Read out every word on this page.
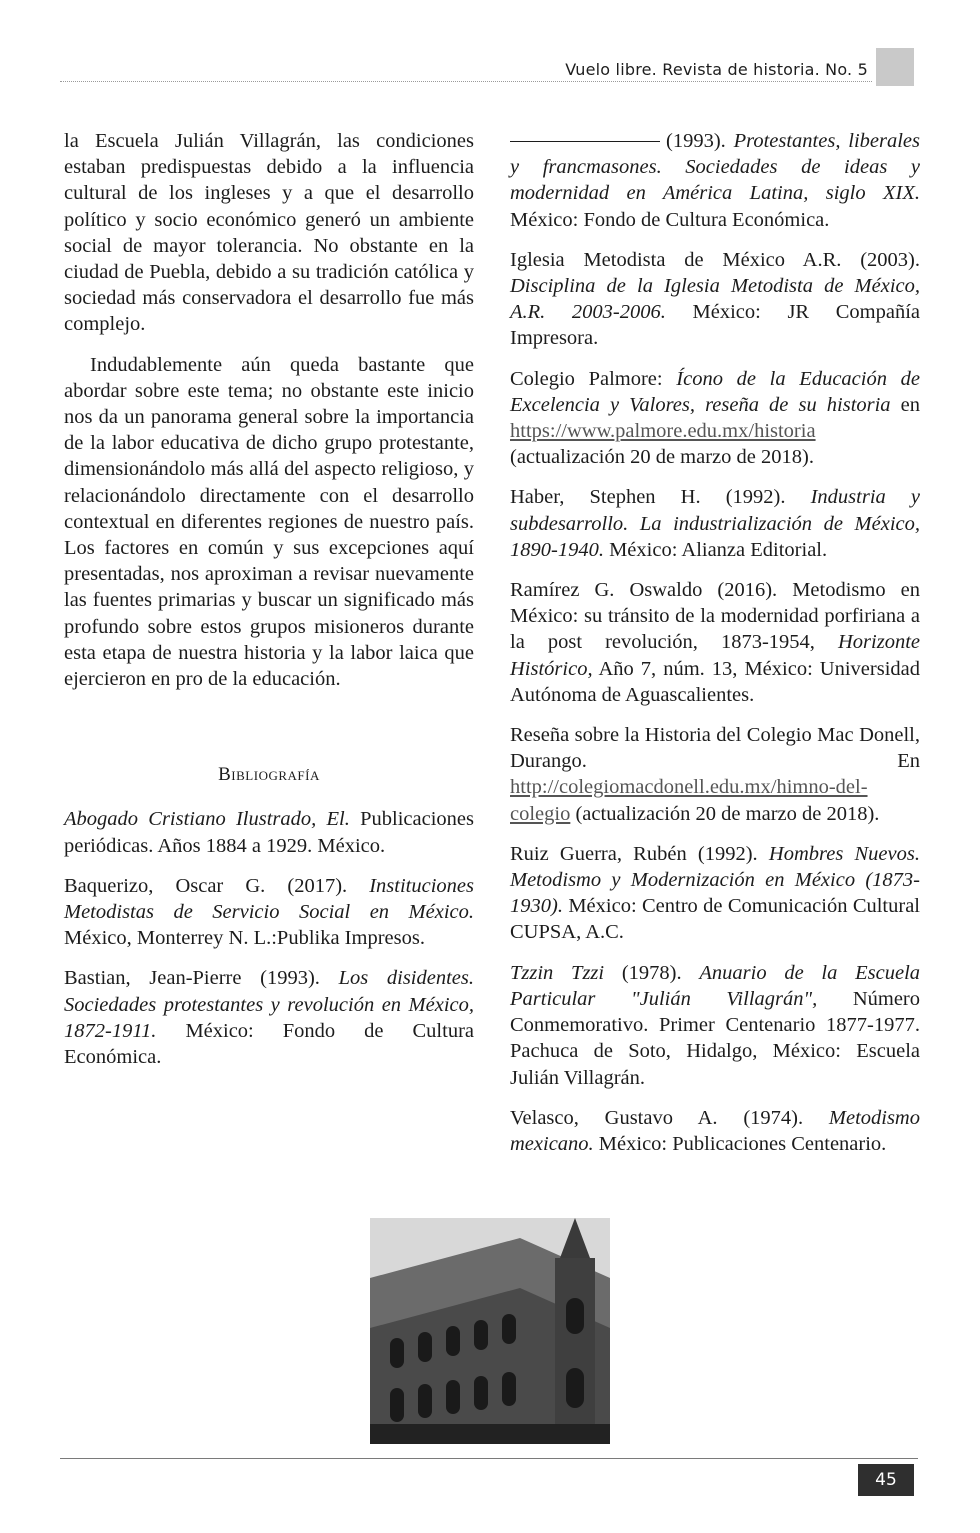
Vuelo libre. Revista de historia. No. 5

la Escuela Julián Villagrán, las condiciones estaban predispuestas debido a la influencia cultural de los ingleses y a que el desarrollo político y socio económico generó un ambiente social de mayor tolerancia. No obstante en la ciudad de Puebla, debido a su tradición católica y sociedad más conservadora el desarrollo fue más complejo.

Indudablemente aún queda bastante que abordar sobre este tema; no obstante este inicio nos da un panorama general sobre la importancia de la labor educativa de dicho grupo protestante, dimensionándolo más allá del aspecto religioso, y relacionándolo directamente con el desarrollo contextual en diferentes regiones de nuestro país. Los factores en común y sus excepciones aquí presentadas, nos aproximan a revisar nuevamente las fuentes primarias y buscar un significado más profundo sobre estos grupos misioneros durante esta etapa de nuestra historia y la labor laica que ejercieron en pro de la educación.

Bibliografía

Abogado Cristiano Ilustrado, El. Publicaciones periódicas. Años 1884 a 1929. México.

Baquerizo, Oscar G. (2017). Instituciones Metodistas de Servicio Social en México. México, Monterrey N. L.:Publika Impresos.

Bastian, Jean-Pierre (1993). Los disidentes. Sociedades protestantes y revolución en México, 1872-1911. México: Fondo de Cultura Económica.

(1993). Protestantes, liberales y francmasones. Sociedades de ideas y modernidad en América Latina, siglo XIX. México: Fondo de Cultura Económica.

Iglesia Metodista de México A.R. (2003). Disciplina de la Iglesia Metodista de México, A.R. 2003-2006. México: JR Compañía Impresora.

Colegio Palmore: Ícono de la Educación de Excelencia y Valores, reseña de su historia en https://www.palmore.edu.mx/historia (actualización 20 de marzo de 2018).

Haber, Stephen H. (1992). Industria y subdesarrollo. La industrialización de México, 1890-1940. México: Alianza Editorial.

Ramírez G. Oswaldo (2016). Metodismo en México: su tránsito de la modernidad porfiriana a la post revolución, 1873-1954, Horizonte Histórico, Año 7, núm. 13, México: Universidad Autónoma de Aguascalientes.

Reseña sobre la Historia del Colegio Mac Donell, Durango. En http://colegiomacdonell.edu.mx/himno-del-colegio (actualización 20 de marzo de 2018).

Ruiz Guerra, Rubén (1992). Hombres Nuevos. Metodismo y Modernización en México (1873-1930). México: Centro de Comunicación Cultural CUPSA, A.C.

Tzzin Tzzi (1978). Anuario de la Escuela Particular "Julián Villagrán", Número Conmemorativo. Primer Centenario 1877-1977. Pachuca de Soto, Hidalgo, México: Escuela Julián Villagrán.

Velasco, Gustavo A. (1974). Metodismo mexicano. México: Publicaciones Centenario.

45
